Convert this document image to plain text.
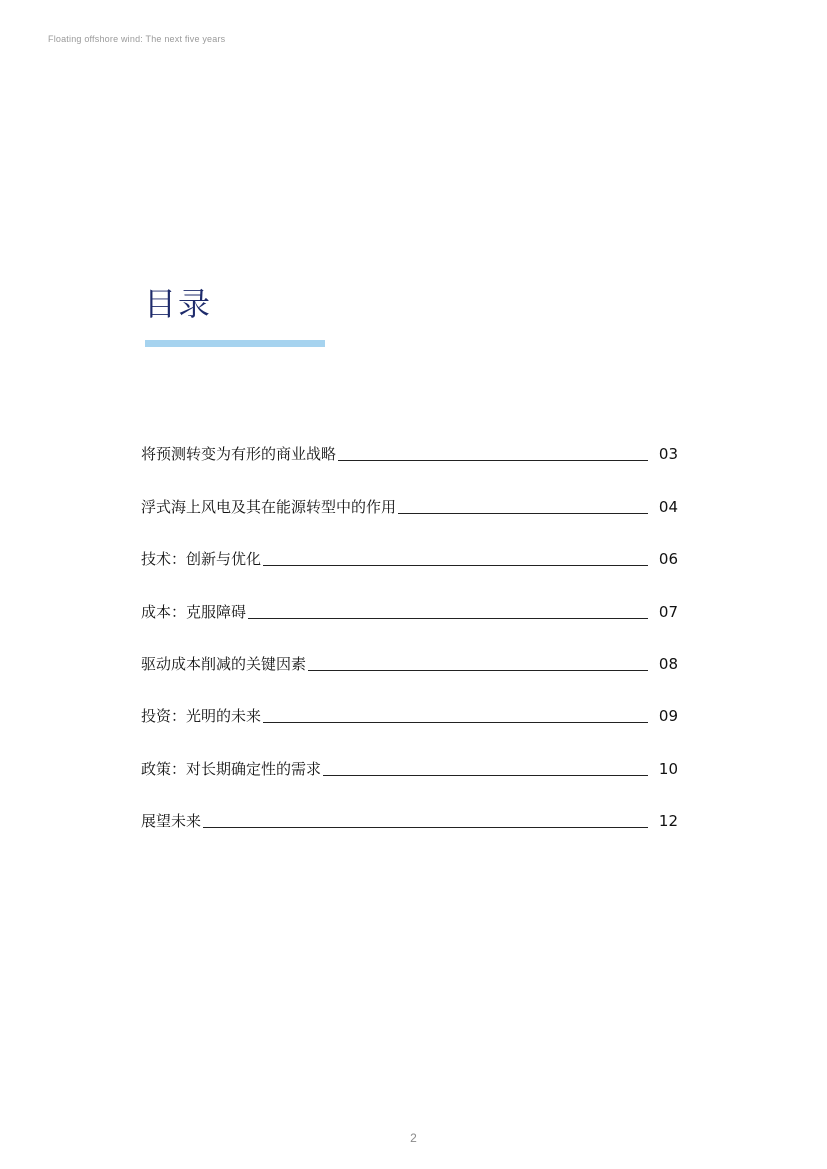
Floating offshore wind: The next five years
目录
将预测转变为有形的商业战略	03
浮式海上风电及其在能源转型中的作用	04
技术：创新与优化	06
成本：克服障碍	07
驱动成本削减的关键因素	08
投资：光明的未来	09
政策：对长期确定性的需求	10
展望未来	12
2
